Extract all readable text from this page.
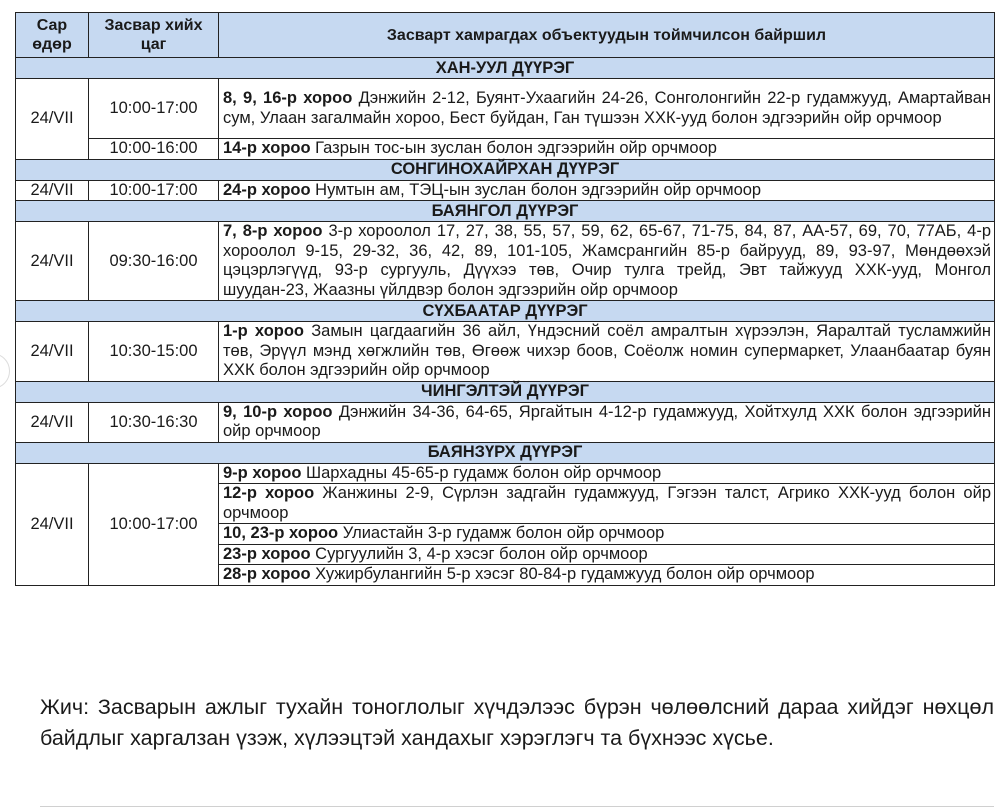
Сар өдөр	Засвар хийх цаг	Засварт хамрагдах объектуудын тоймчилсон байршил
ХАН-УУЛ ДҮҮРЭГ		
24/VII	10:00-17:00	8, 9, 16-р хороо Дэнжийн 2-12, Буянт-Ухаагийн 24-26, Сонголонгийн 22-р гудамжууд, Амартайван сум, Улаан загалмайн хороо, Бест буйдан, Ган түшээн ХХК-ууд болон эдгээрийн ойр орчмоор
	10:00-16:00	14-р хороо Газрын тос-ын зуслан болон эдгээрийн ойр орчмоор
СОНГИНОХАЙРХАН ДҮҮРЭГ		
24/VII	10:00-17:00	24-р хороо Нумтын ам, ТЭЦ-ын зуслан болон эдгээрийн ойр орчмоор
БАЯНГОЛ ДҮҮРЭГ		
24/VII	09:30-16:00	7, 8-р хороо 3-р хороолол 17, 27, 38, 55, 57, 59, 62, 65-67, 71-75, 84, 87, АА-57, 69, 70, 77АБ, 4-р хороолол 9-15, 29-32, 36, 42, 89, 101-105, Жамсрангийн 85-р байрууд, 89, 93-97, Мөндөөхэй цэцэрлэгүүд, 93-р сургууль, Дүүхээ төв, Очир тулга трейд, Эвт тайжууд ХХК-ууд, Монгол шуудан-23, Жаазны үйлдвэр болон эдгээрийн ойр орчмоор
СҮХБААТАР ДҮҮРЭГ		
24/VII	10:30-15:00	1-р хороо Замын цагдаагийн 36 айл, Үндэсний соёл амралтын хүрээлэн, Яаралтай тусламжийн төв, Эрүүл мэнд хөгжлийн төв, Өгөөж чихэр боов, Соёолж номин супермаркет, Улаанбаатар буян ХХК болон эдгээрийн ойр орчмоор
ЧИНГЭЛТЭЙ ДҮҮРЭГ		
24/VII	10:30-16:30	9, 10-р хороо Дэнжийн 34-36, 64-65, Яргайтын 4-12-р гудамжууд, Хойтхулд ХХК болон эдгээрийн ойр орчмоор
БАЯНЗҮРХ ДҮҮРЭГ		
24/VII	10:00-17:00	9-р хороо Шархадны 45-65-р гудамж болон ойр орчмоор
		12-р хороо Жанжины 2-9, Сүрлэн задгайн гудамжууд, Гэгээн талст, Агрико ХХК-ууд болон ойр орчмоор
		10, 23-р хороо Улиастайн 3-р гудамж болон ойр орчмоор
		23-р хороо Сургуулийн 3, 4-р хэсэг болон ойр орчмоор
		28-р хороо Хужирбулангийн 5-р хэсэг 80-84-р гудамжууд болон ойр орчмоор

Жич: Засварын ажлыг тухайн тоноглолыг хүчдэлээс бүрэн чөлөөлсний дараа хийдэг нөхцөл байдлыг харгалзан үзэж, хүлээцтэй хандахыг хэрэглэгч та бүхнээс хүсье.
